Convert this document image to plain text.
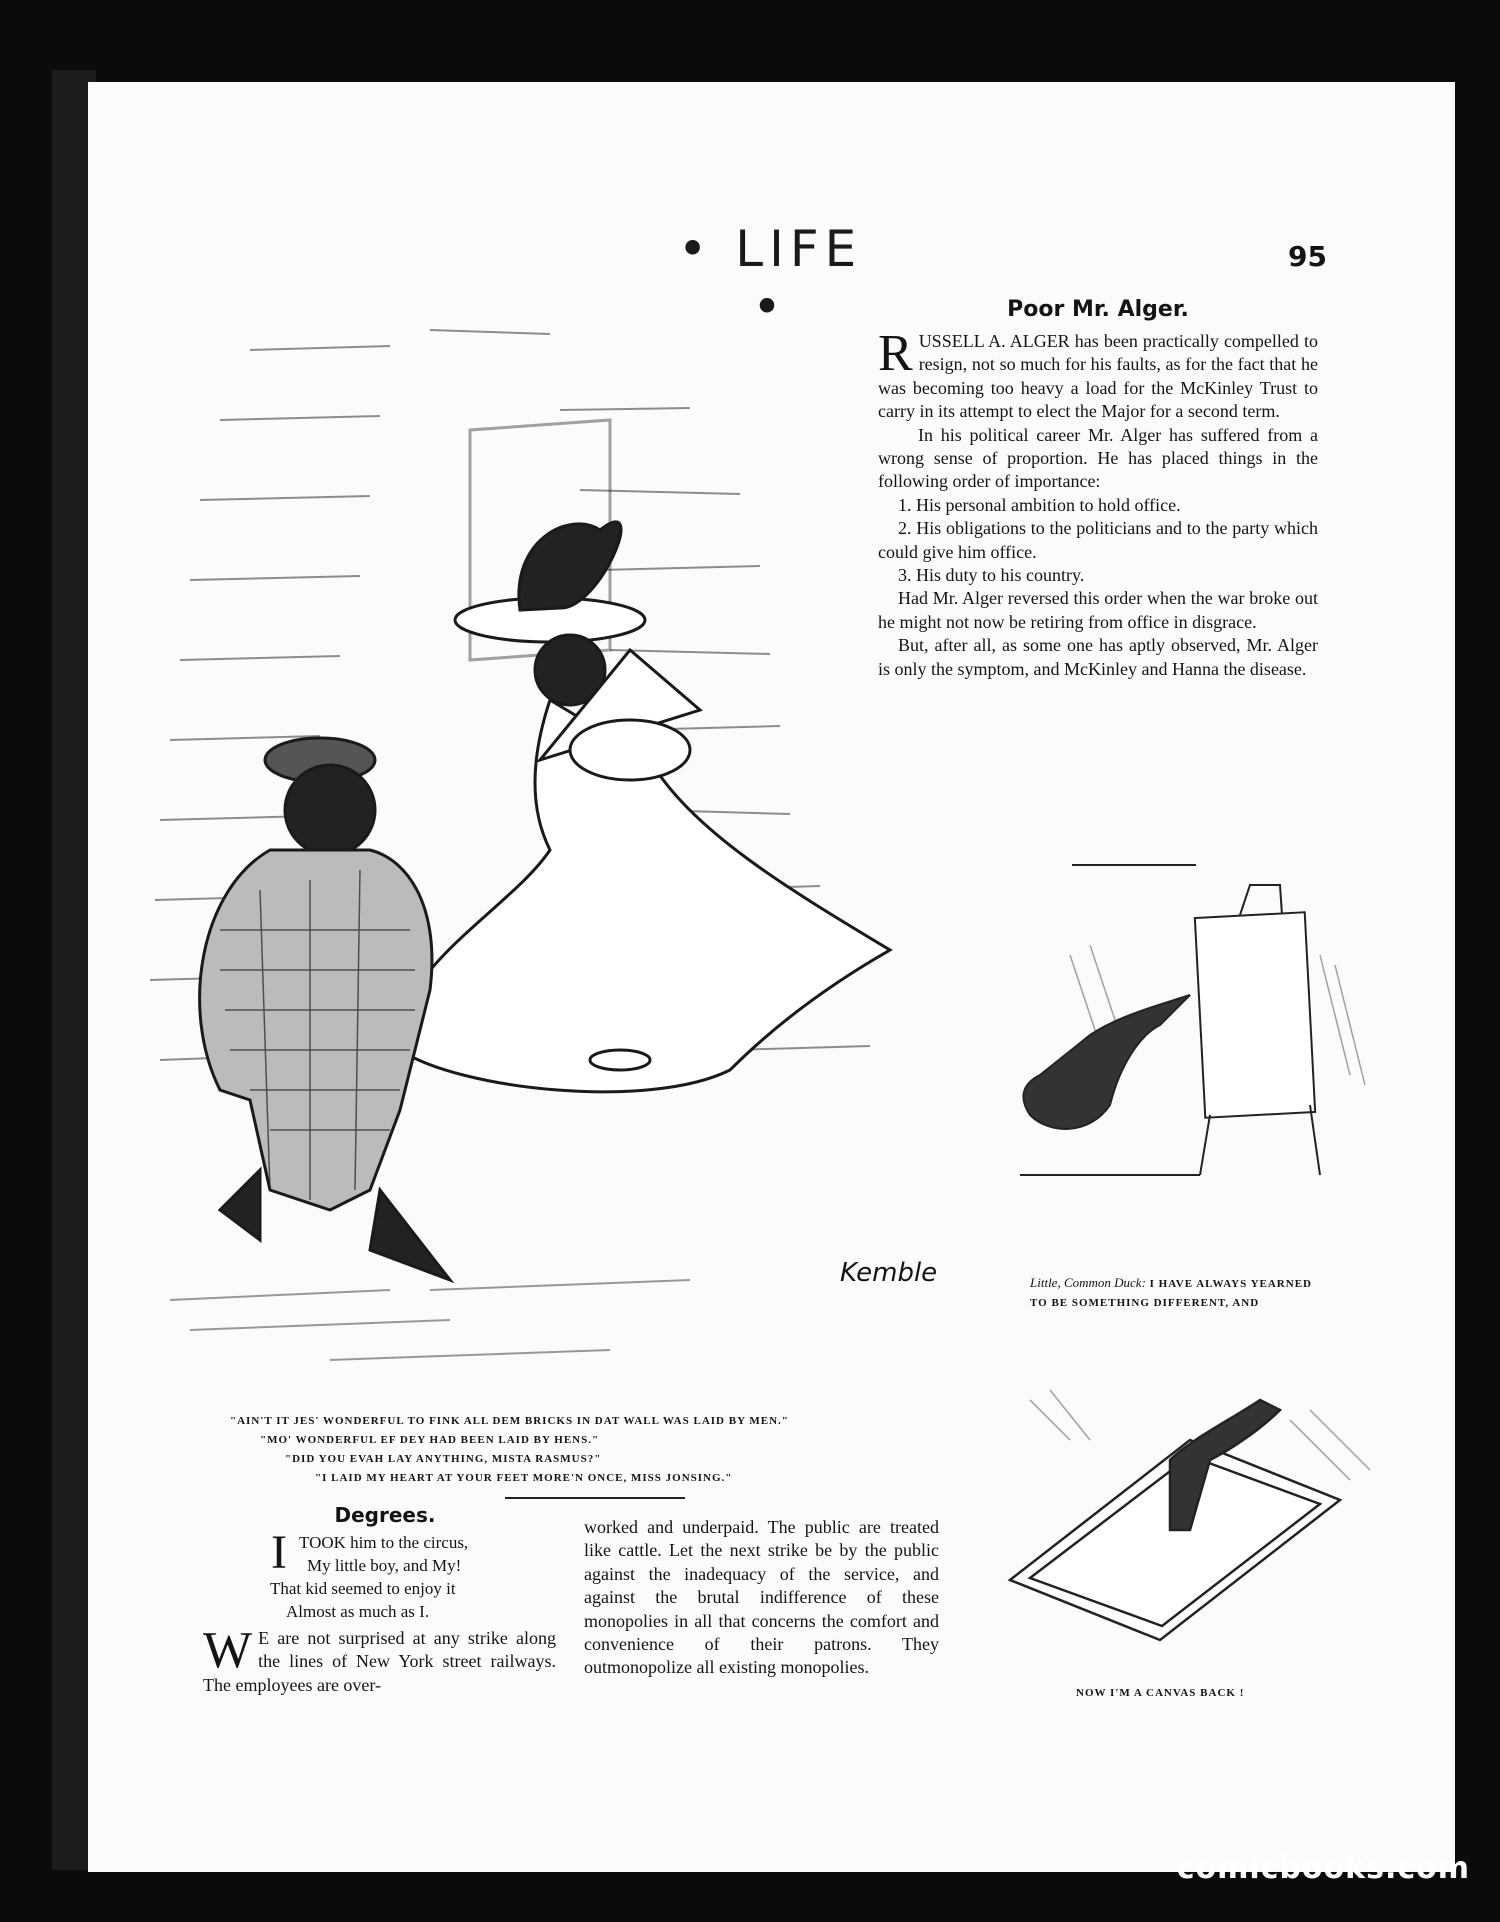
• LIFE •
95
Kemble
"AIN'T IT JES' WONDERFUL TO FINK ALL DEM BRICKS IN DAT WALL WAS LAID BY MEN."
"MO' WONDERFUL EF DEY HAD BEEN LAID BY HENS."
"DID YOU EVAH LAY ANYTHING, MISTA RASMUS?"
"I LAID MY HEART AT YOUR FEET MORE'N ONCE, MISS JONSING."
Poor Mr. Alger.

R USSELL A. ALGER has been practically compelled to resign, not so much for his faults, as for the fact that he was becoming too heavy a load for the McKinley Trust to carry in its attempt to elect the Major for a second term.

In his political career Mr. Alger has suffered from a wrong sense of proportion. He has placed things in the following order of importance:

1. His personal ambition to hold office.

2. His obligations to the politicians and to the party which could give him office.

3. His duty to his country.

Had Mr. Alger reversed this order when the war broke out he might not now be retiring from office in disgrace.

But, after all, as some one has aptly observed, Mr. Alger is only the symptom, and McKinley and Hanna the disease.

Little, Common Duck: I HAVE ALWAYS YEARNED TO BE SOMETHING DIFFERENT, AND
NOW I'M A CANVAS BACK !
Degrees.
I TOOK him to the circus,
My little boy, and My!
That kid seemed to enjoy it
Almost as much as I.

W E are not surprised at any strike along the lines of New York street railways. The employees are over-

worked and underpaid. The public are treated like cattle. Let the next strike be by the public against the inadequacy of the service, and against the brutal indifference of these monopolies in all that concerns the comfort and convenience of their patrons. They outmonopolize all existing monopolies.

comicbooks.com
